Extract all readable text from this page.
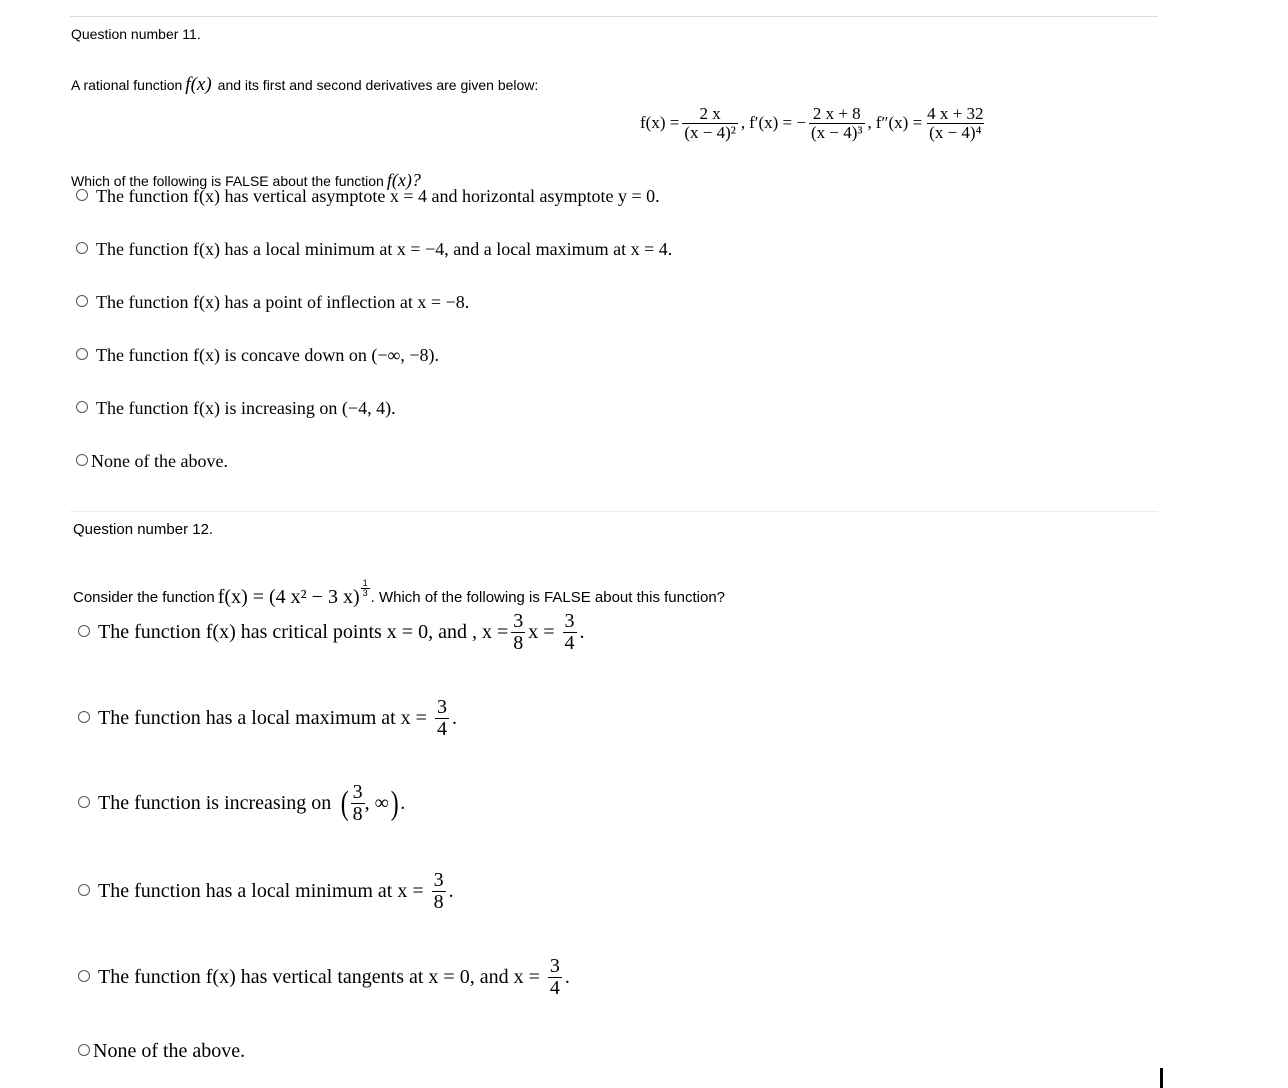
Question number 11.
A rational function f(x) and its first and second derivatives are given below:
$f(x) = \frac{2 x}{\text{(x − 4)²}}$ , f′(x) = − $\frac{2 x + 8}{\text{(x − 4)³}}$ , $f''(x) = \frac{4 x + 32}{\text{(x − 4)⁴}}$
Which of the following is FALSE about the function f(x)?
The function f(x) has vertical asymptote x = 4 and horizontal asymptote y = 0.
The function f(x) has a local minimum at x = −4, and a local maximum at x = 4.
The function f(x) has a point of inflection at x = −8.
The function f(x) is concave down on (−∞, −8).
The function f(x) is increasing on (−4, 4).
None of the above.
Question number 12.
Consider the function f(x) = (4 x² − 3 $x) \frac{1}{3}$ . Which of the following is FALSE about this function?
The function f(x) has critical points x = 0, and , $x = \frac{3}{8}$ $x = \frac{3}{4}$ .
The function has a local maximum at $x = \frac{3}{4}$ .
The function is increasing on ( $\frac{3}{8}$ , ∞ ) .
The function has a local minimum at $x = \frac{3}{8}$ .
The function f(x) has vertical tangents at x = 0, and $x = \frac{3}{4}$ .
None of the above.
